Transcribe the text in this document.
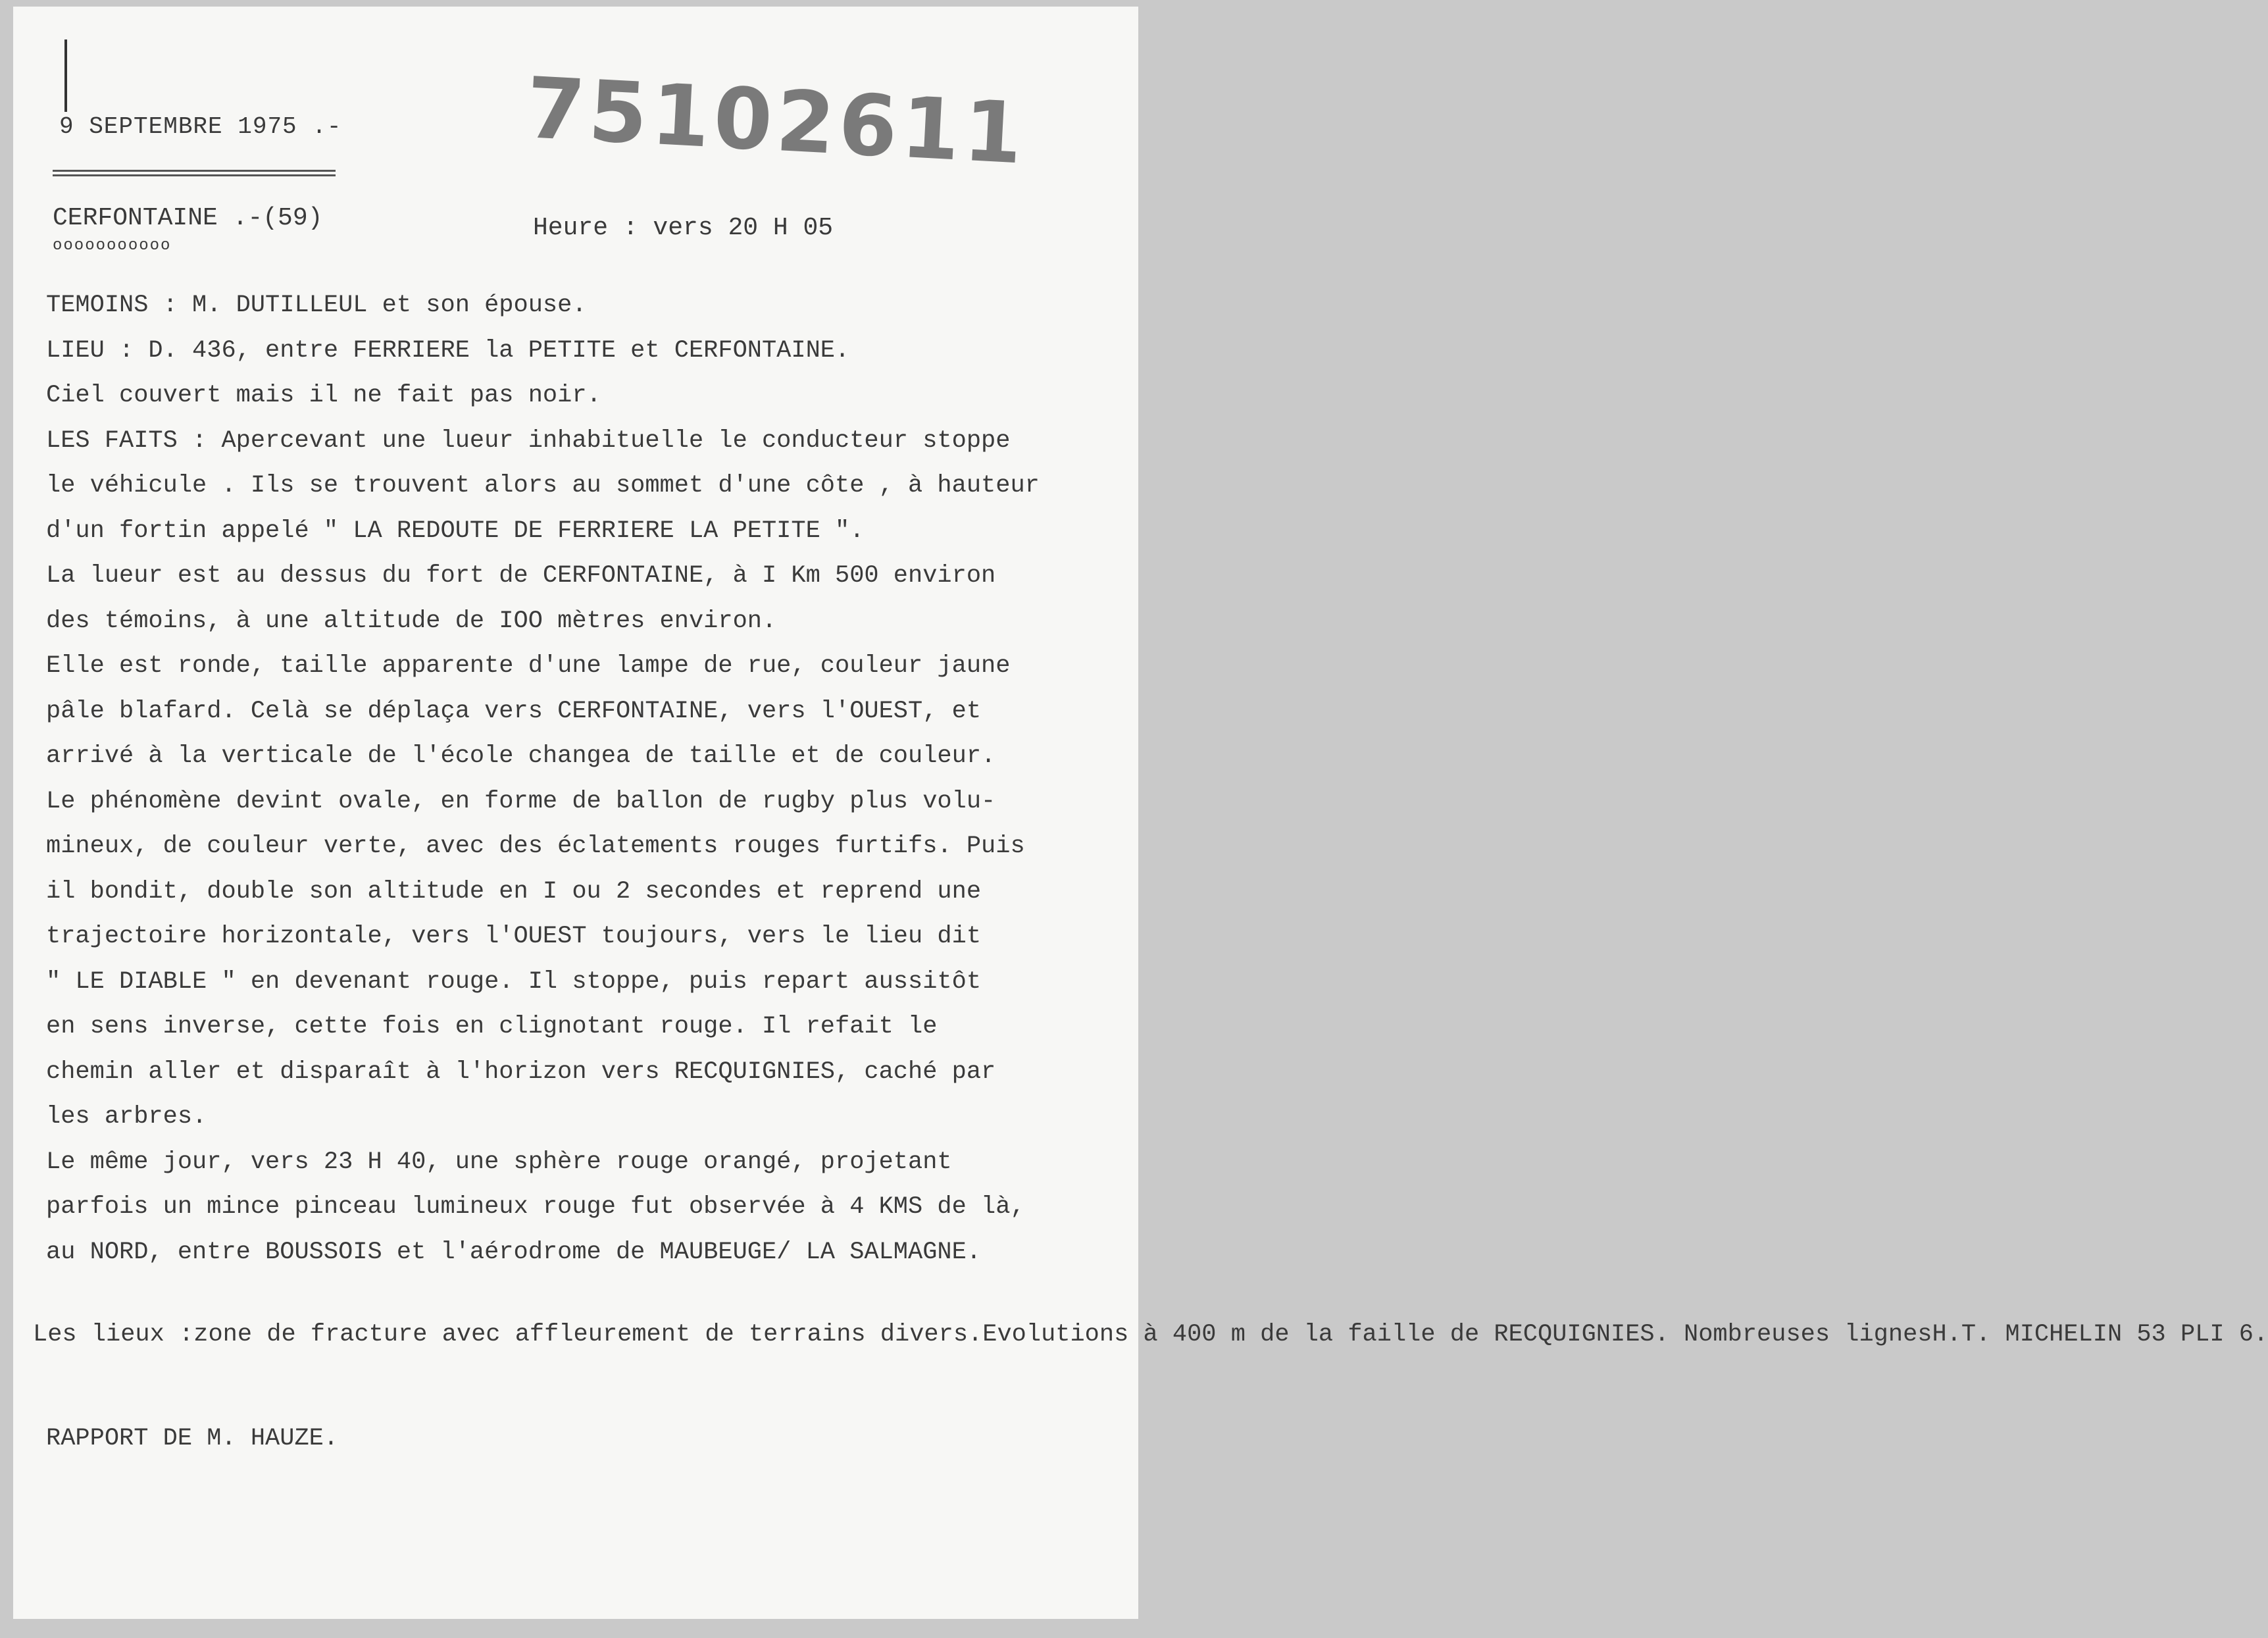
9 SEPTEMBRE 1975 .- 75102611
CERFONTAINE .-(59)
ooooooooooo
Heure : vers 20 H 05
TEMOINS : M. DUTILLEUL et son épouse.
LIEU : D. 436, entre FERRIERE la PETITE et CERFONTAINE.
Ciel couvert mais il ne fait pas noir.
LES FAITS : Apercevant une lueur inhabituelle le conducteur stoppe
le véhicule . Ils se trouvent alors au sommet d'une côte , à hauteur
d'un fortin appelé " LA REDOUTE DE FERRIERE LA PETITE ".
La lueur est au dessus du fort de CERFONTAINE, à I Km 500 environ
des témoins, à une altitude de IOO mètres environ.
Elle est ronde, taille apparente d'une lampe de rue, couleur jaune
pâle blafard. Celà se déplaça vers CERFONTAINE, vers l'OUEST, et
arrivé à la verticale de l'école changea de taille et de couleur.
Le phénomène devint ovale, en forme de ballon de rugby plus volu-
mineux, de couleur verte, avec des éclatements rouges furtifs. Puis
il bondit, double son altitude en I ou 2 secondes et reprend une
trajectoire horizontale, vers l'OUEST toujours, vers le lieu dit
" LE DIABLE " en devenant rouge. Il stoppe, puis repart aussitôt
en sens inverse, cette fois en clignotant rouge. Il refait le
chemin aller et disparaît à l'horizon vers RECQUIGNIES, caché par
les arbres.
Le même jour, vers 23 H 40, une sphère rouge orangé, projetant
parfois un mince pinceau lumineux rouge fut observée à 4 KMS de là,
au NORD, entre BOUSSOIS et l'aérodrome de MAUBEUGE/ LA SALMAGNE.
Les lieux :zone de fracture avec affleurement de terrains divers.Evolutions à 400 m de la faille de RECQUIGNIES. Nombreuses lignesH.T. MICHELIN 53 PLI 6.
RAPPORT DE M. HAUZE.
